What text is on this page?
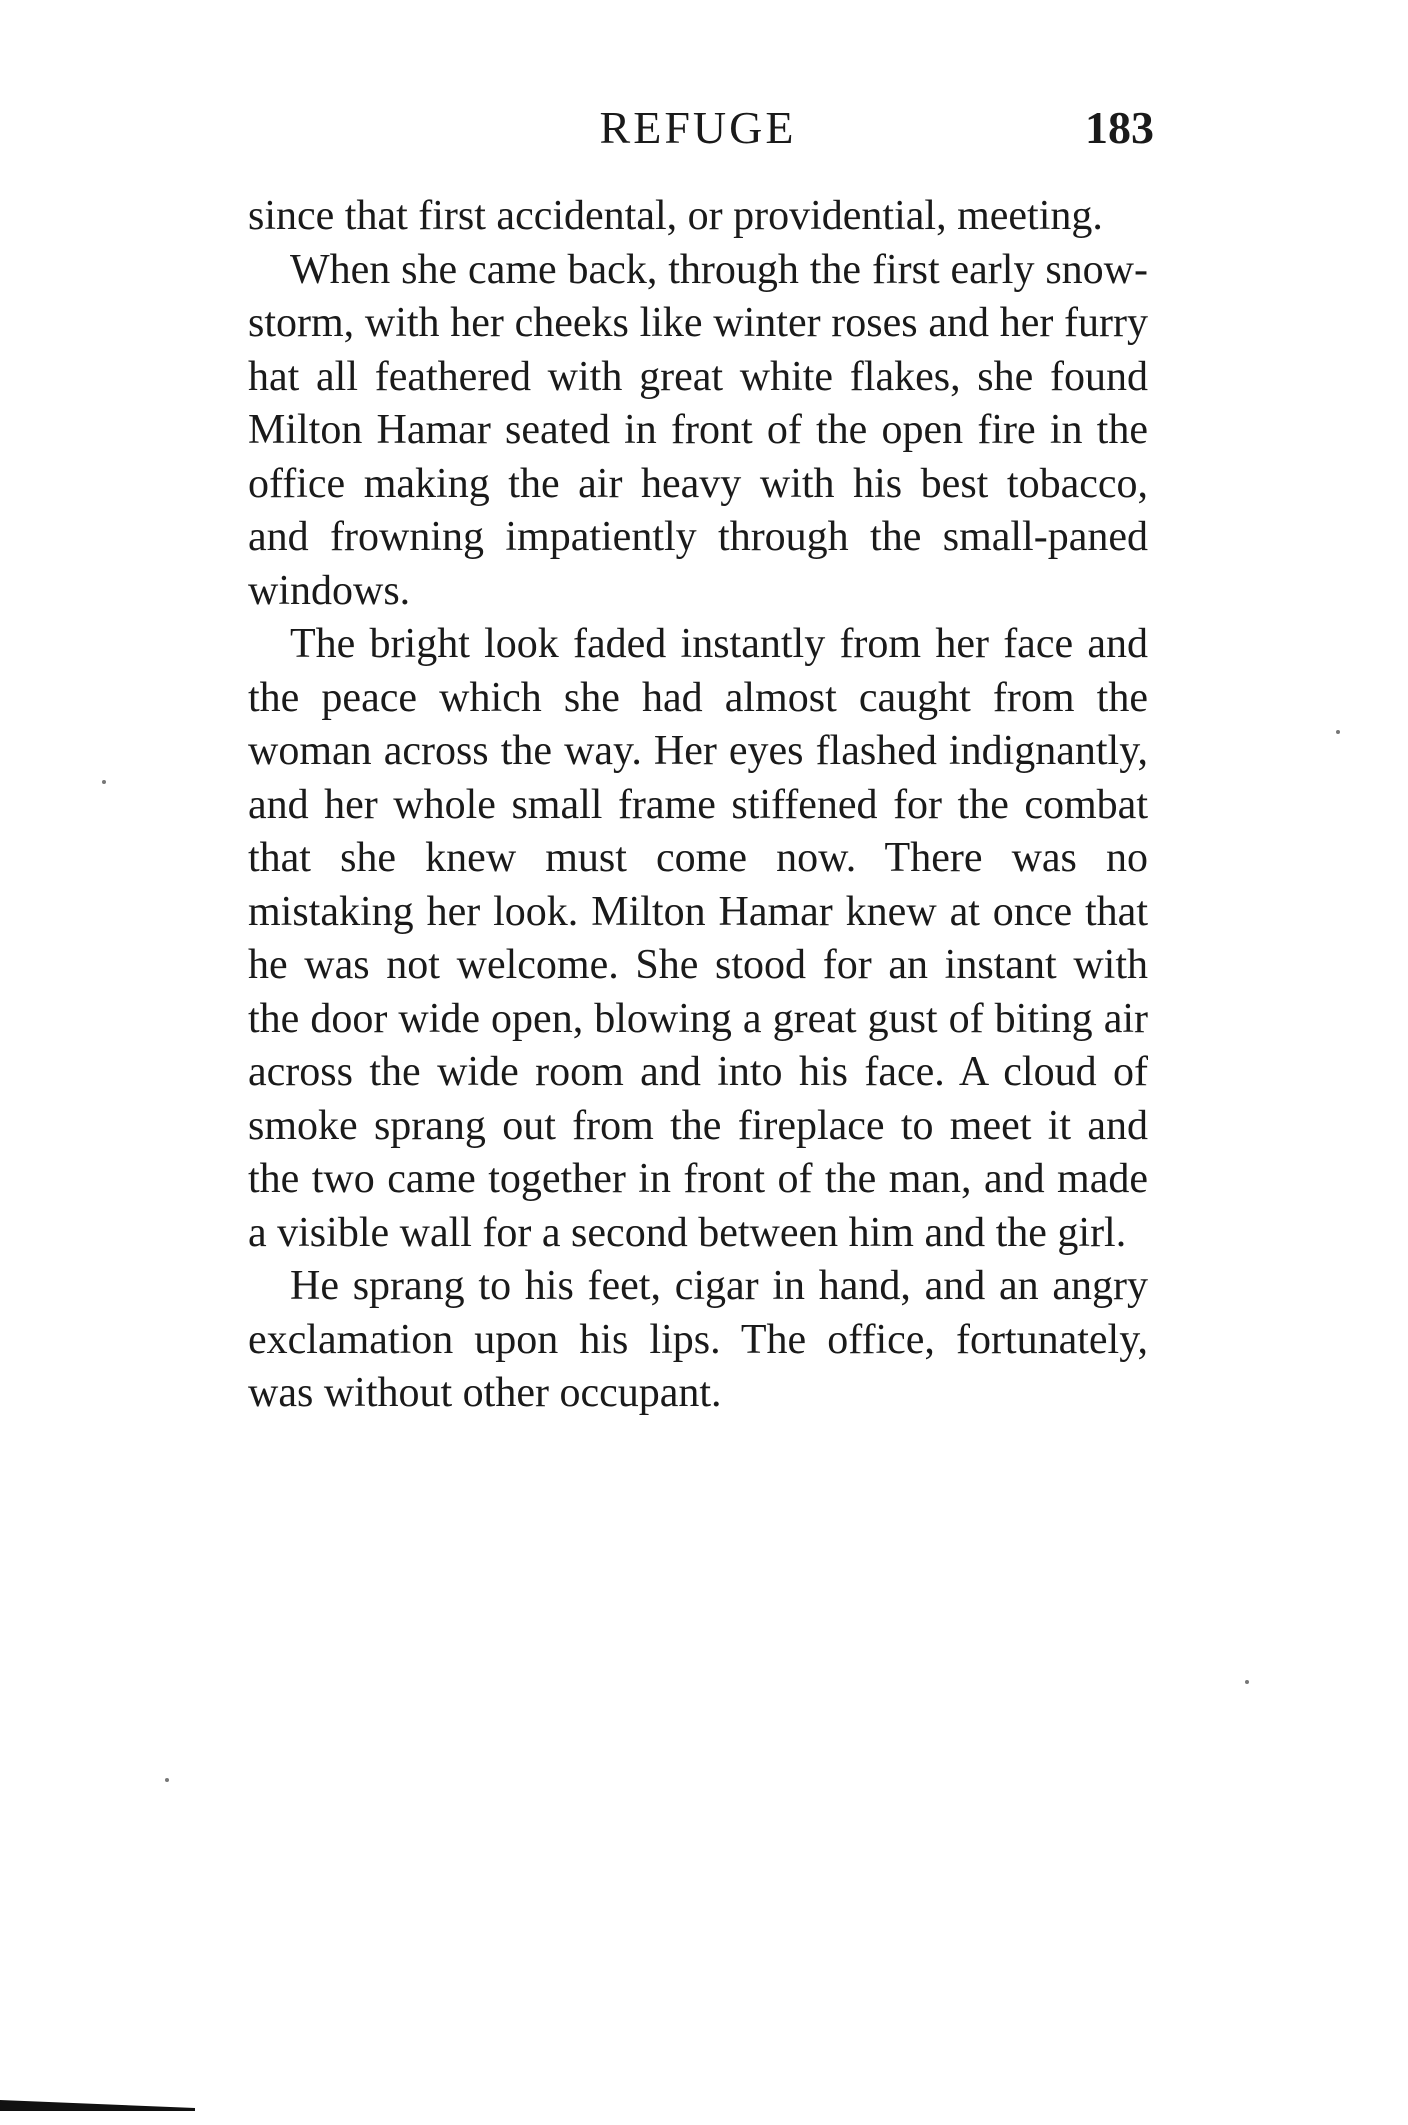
REFUGE	183

since that first accidental, or providential, meeting.

When she came back, through the first early snow-storm, with her cheeks like winter roses and her furry hat all feathered with great white flakes, she found Milton Hamar seated in front of the open fire in the office making the air heavy with his best tobacco, and frowning impatiently through the small-paned windows.

The bright look faded instantly from her face and the peace which she had almost caught from the woman across the way. Her eyes flashed indignantly, and her whole small frame stiffened for the combat that she knew must come now. There was no mistaking her look. Milton Hamar knew at once that he was not welcome. She stood for an instant with the door wide open, blowing a great gust of biting air across the wide room and into his face. A cloud of smoke sprang out from the fireplace to meet it and the two came together in front of the man, and made a visible wall for a second between him and the girl.

He sprang to his feet, cigar in hand, and an angry exclamation upon his lips. The office, fortunately, was without other occupant.
